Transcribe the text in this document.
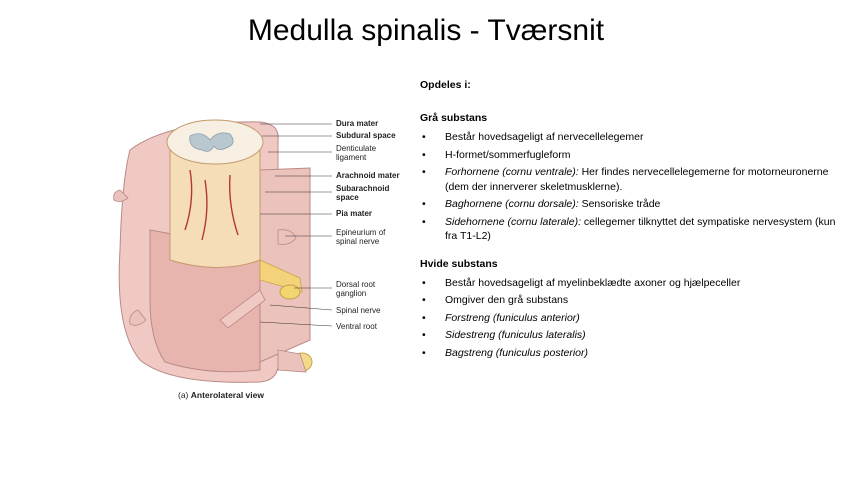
Medulla spinalis - Tværsnit
Dura mater
Subdural space
Denticulate
ligament
Arachnoid mater
Subarachnoid
space
Pia mater
Epineurium of
spinal nerve
Dorsal root
ganglion
Spinal nerve
Ventral root
(a) Anterolateral view
Opdeles i:
Grå substans
• Består hovedsageligt af nervecellelegemer
• H-formet/sommerfugleform
• Forhornene (cornu ventrale): Her findes nervecellelegemerne for motorneuronerne (dem der innerverer skeletmusklerne).
• Baghornene (cornu dorsale): Sensoriske tråde
• Sidehornene (cornu laterale): cellegemer tilknyttet det sympatiske nervesystem (kun fra T1-L2)
Hvide substans
• Består hovedsageligt af myelinbeklædte axoner og hjælpeceller
• Omgiver den grå substans
• Forstreng (funiculus anterior)
• Sidestreng (funiculus lateralis)
• Bagstreng (funiculus posterior)
